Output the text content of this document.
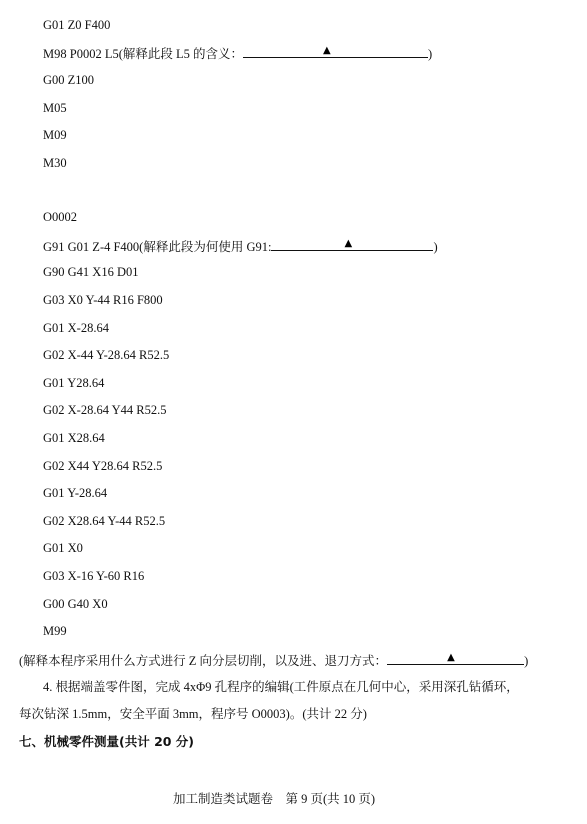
G01 Z0 F400
M98 P0002 L5(解释此段 L5 的含义：	▲	)
G00 Z100
M05
M09
M30
O0002
G91 G01 Z-4 F400(解释此段为何使用 G91:	▲	)
G90 G41 X16 D01
G03 X0 Y-44 R16 F800
G01 X-28.64
G02 X-44 Y-28.64 R52.5
G01 Y28.64
G02 X-28.64 Y44 R52.5
G01 X28.64
G02 X44 Y28.64 R52.5
G01 Y-28.64
G02 X28.64 Y-44 R52.5
G01 X0
G03 X-16 Y-60 R16
G00 G40 X0
M99
(解释本程序采用什么方式进行 Z 向分层切削，以及进、退刀方式：	▲	)
4. 根据端盖零件图，完成 4xΦ9 孔程序的编辑(工件原点在几何中心，采用深孔钻循环，
每次钻深 1.5mm，安全平面 3mm，程序号 O0003)。(共计 22 分)
七、机械零件测量(共计 20 分)
加工制造类试题卷　第 9 页(共 10 页)
